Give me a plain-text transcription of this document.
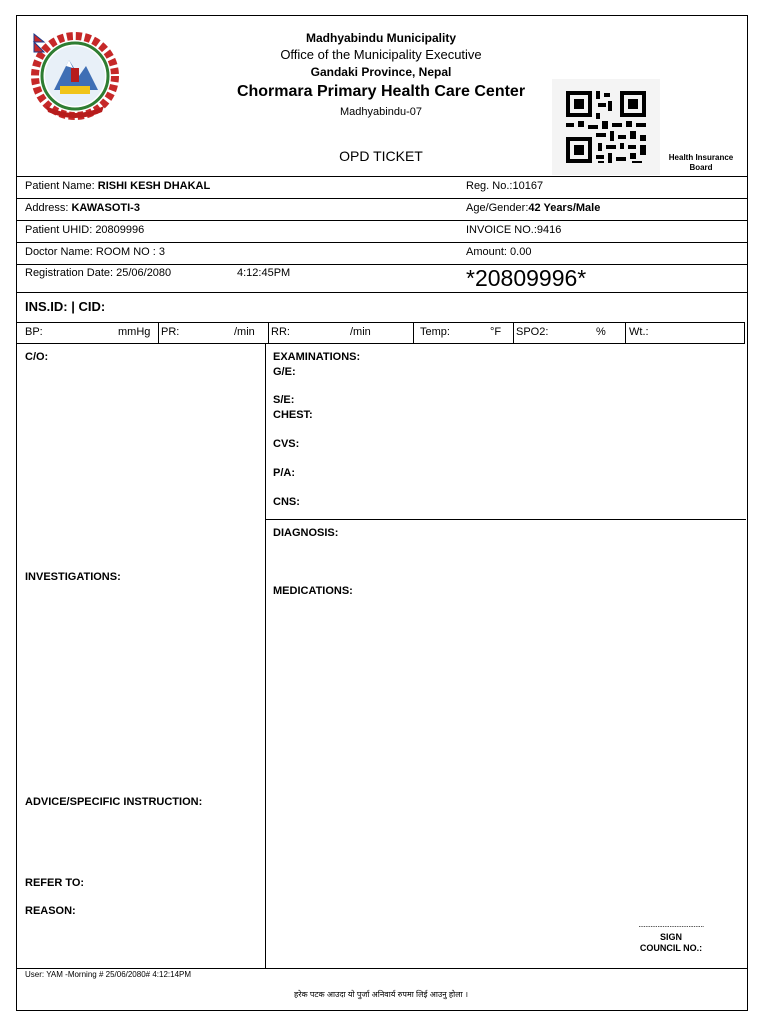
Madhyabindu Municipality
Office of the Municipality Executive
Gandaki Province, Nepal
Chormara Primary Health Care Center
Madhyabindu-07
OPD TICKET	Health Insurance
Board
Patient Name: RISHI KESH DHAKAL	Reg. No.:10167
Address: KAWASOTI-3	Age/Gender:42 Years/Male
Patient UHID: 20809996	INVOICE NO.:9416
Doctor Name: ROOM NO : 3	Amount: 0.00
Registration Date: 25/06/2080	4:12:45PM	*20809996*
INS.ID: | CID:
BP:	mmHg PR:	/min RR:	/min	Temp:	°F SPO2:	% Wt.:
C/O:
INVESTIGATIONS:
ADVICE/SPECIFIC INSTRUCTION:
REFER TO:
REASON:
EXAMINATIONS:
G/E:
S/E:
CHEST:
CVS:
P/A:
CNS:
DIAGNOSIS:
MEDICATIONS:
......................................
SIGN
COUNCIL NO.:
User: YAM -Morning # 25/06/2080# 4:12:14PM
हरेक पटक आउदा यो पुर्जा अनिवार्य रुपमा लिई आउनु होला ।
